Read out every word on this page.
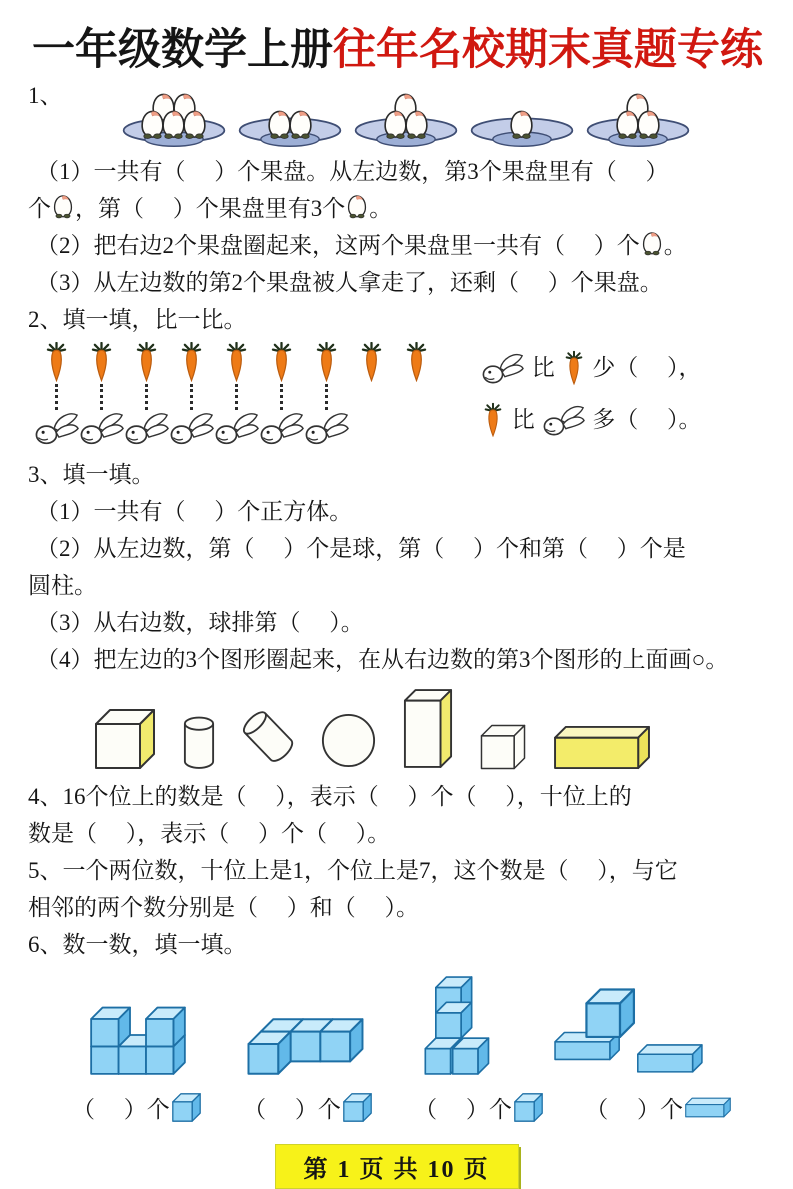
一年级数学上册往年名校期末真题专练
1、

（1）一共有（     ）个果盘。从左边数，第3个果盘里有（     ）

个 ，第（     ）个果盘里有3个 。

（2）把右边2个果盘圈起来，这两个果盘里一共有（     ）个 。

（3）从左边数的第2个果盘被人拿走了，还剩（     ）个果盘。

2、填一填，比一比。

比 少（     ），
比 多（     ）。

3、填一填。

（1）一共有（     ）个正方体。

（2）从左边数，第（     ）个是球，第（     ）个和第（     ）个是

圆柱。

（3）从右边数，球排第（     ）。

（4）把左边的3个图形圈起来，在从右边数的第3个图形的上面画○。

4、16个位上的数是（     ），表示（     ）个（     ），十位上的

数是（     ），表示（     ）个（     ）。

5、一个两位数，十位上是1，个位上是7，这个数是（     ），与它

相邻的两个数分别是（     ）和（     ）。

6、数一数，填一填。

（     ）个	（     ）个	（     ）个	（     ）个
第 1 页 共 10 页
